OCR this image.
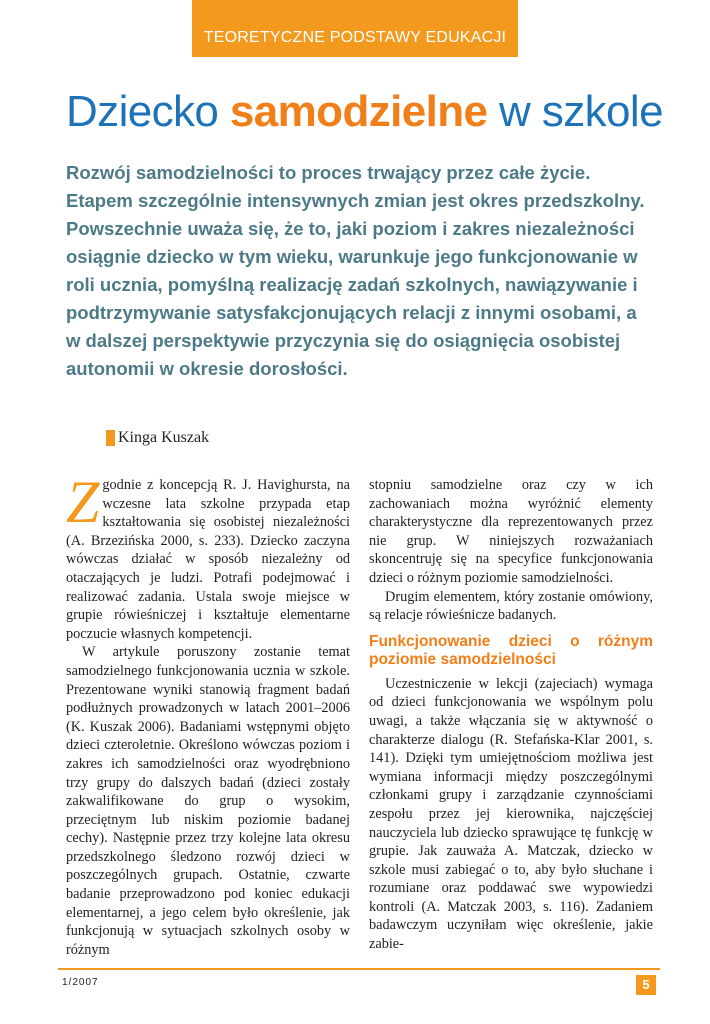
TEORETYCZNE PODSTAWY EDUKACJI
Dziecko samodzielne w szkole

Rozwój samodzielności to proces trwający przez całe życie. Etapem szczególnie intensywnych zmian jest okres przedszkolny. Powszechnie uważa się, że to, jaki poziom i zakres niezależności osiągnie dziecko w tym wieku, warunkuje jego funkcjonowanie w roli ucznia, pomyślną realizację zadań szkolnych, nawiązywanie i podtrzymywanie satysfakcjonujących relacji z innymi osobami, a w dalszej perspektywie przyczynia się do osiągnięcia osobistej autonomii w okresie dorosłości.

Kinga Kuszak

Zgodnie z koncepcją R. J. Havighursta, na wczesne lata szkolne przypada etap kształtowania się osobistej niezależności (A. Brzezińska 2000, s. 233). Dziecko zaczyna wówczas działać w sposób niezależny od otaczających je ludzi. Potrafi podejmować i realizować zadania. Ustala swoje miejsce w grupie rówieśniczej i kształtuje elementarne poczucie własnych kompetencji.

W artykule poruszony zostanie temat samodzielnego funkcjonowania ucznia w szkole. Prezentowane wyniki stanowią fragment badań podłużnych prowadzonych w latach 2001–2006 (K. Kuszak 2006). Badaniami wstępnymi objęto dzieci czteroletnie. Określono wówczas poziom i zakres ich samodzielności oraz wyodrębniono trzy grupy do dalszych badań (dzieci zostały zakwalifikowane do grup o wysokim, przeciętnym lub niskim poziomie badanej cechy). Następnie przez trzy kolejne lata okresu przedszkolnego śledzono rozwój dzieci w poszczególnych grupach. Ostatnie, czwarte badanie przeprowadzono pod koniec edukacji elementarnej, a jego celem było określenie, jak funkcjonują w sytuacjach szkolnych osoby w różnym

stopniu samodzielne oraz czy w ich zachowaniach można wyróżnić elementy charakterystyczne dla reprezentowanych przez nie grup. W niniejszych rozważaniach skoncentruję się na specyfice funkcjonowania dzieci o różnym poziomie samodzielności.

Drugim elementem, który zostanie omówiony, są relacje rówieśnicze badanych.

Funkcjonowanie dzieci o różnym poziomie samodzielności

Uczestniczenie w lekcji (zajeciach) wymaga od dzieci funkcjonowania we wspólnym polu uwagi, a także włączania się w aktywność o charakterze dialogu (R. Stefańska-Klar 2001, s. 141). Dzięki tym umiejętnościom możliwa jest wymiana informacji między poszczególnymi członkami grupy i zarządzanie czynnościami zespołu przez jej kierownika, najczęściej nauczyciela lub dziecko sprawujące tę funkcję w grupie. Jak zauważa A. Matczak, dziecko w szkole musi zabiegać o to, aby było słuchane i rozumiane oraz poddawać swe wypowiedzi kontroli (A. Matczak 2003, s. 116). Zadaniem badawczym uczyniłam więc określenie, jakie zabie-

1/2007	5
